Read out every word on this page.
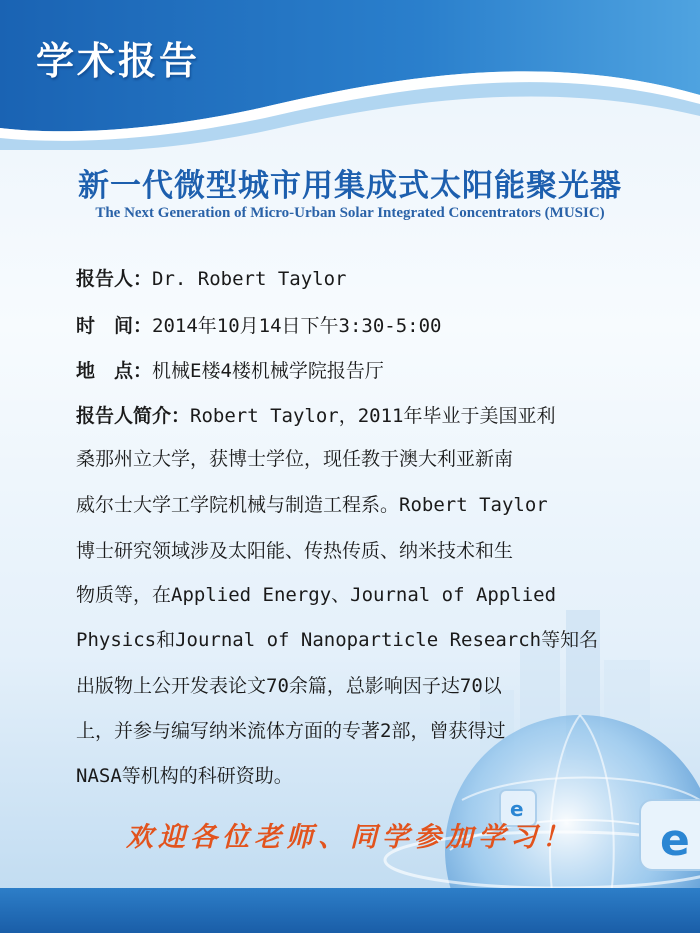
学术报告
e
e
新一代微型城市用集成式太阳能聚光器
The Next Generation of Micro-Urban Solar Integrated Concentrators (MUSIC)
报告人：Dr. Robert Taylor
时　间：2014年10月14日下午3:30-5:00
地　点：机械E楼4楼机械学院报告厅
报告人简介：Robert Taylor，2011年毕业于美国亚利
桑那州立大学，获博士学位，现任教于澳大利亚新南
威尔士大学工学院机械与制造工程系。Robert Taylor
博士研究领域涉及太阳能、传热传质、纳米技术和生
物质等，在Applied Energy、Journal of Applied
Physics和Journal of Nanoparticle Research等知名
出版物上公开发表论文70余篇，总影响因子达70以
上，并参与编写纳米流体方面的专著2部，曾获得过
NASA等机构的科研资助。
欢迎各位老师、同学参加学习！
